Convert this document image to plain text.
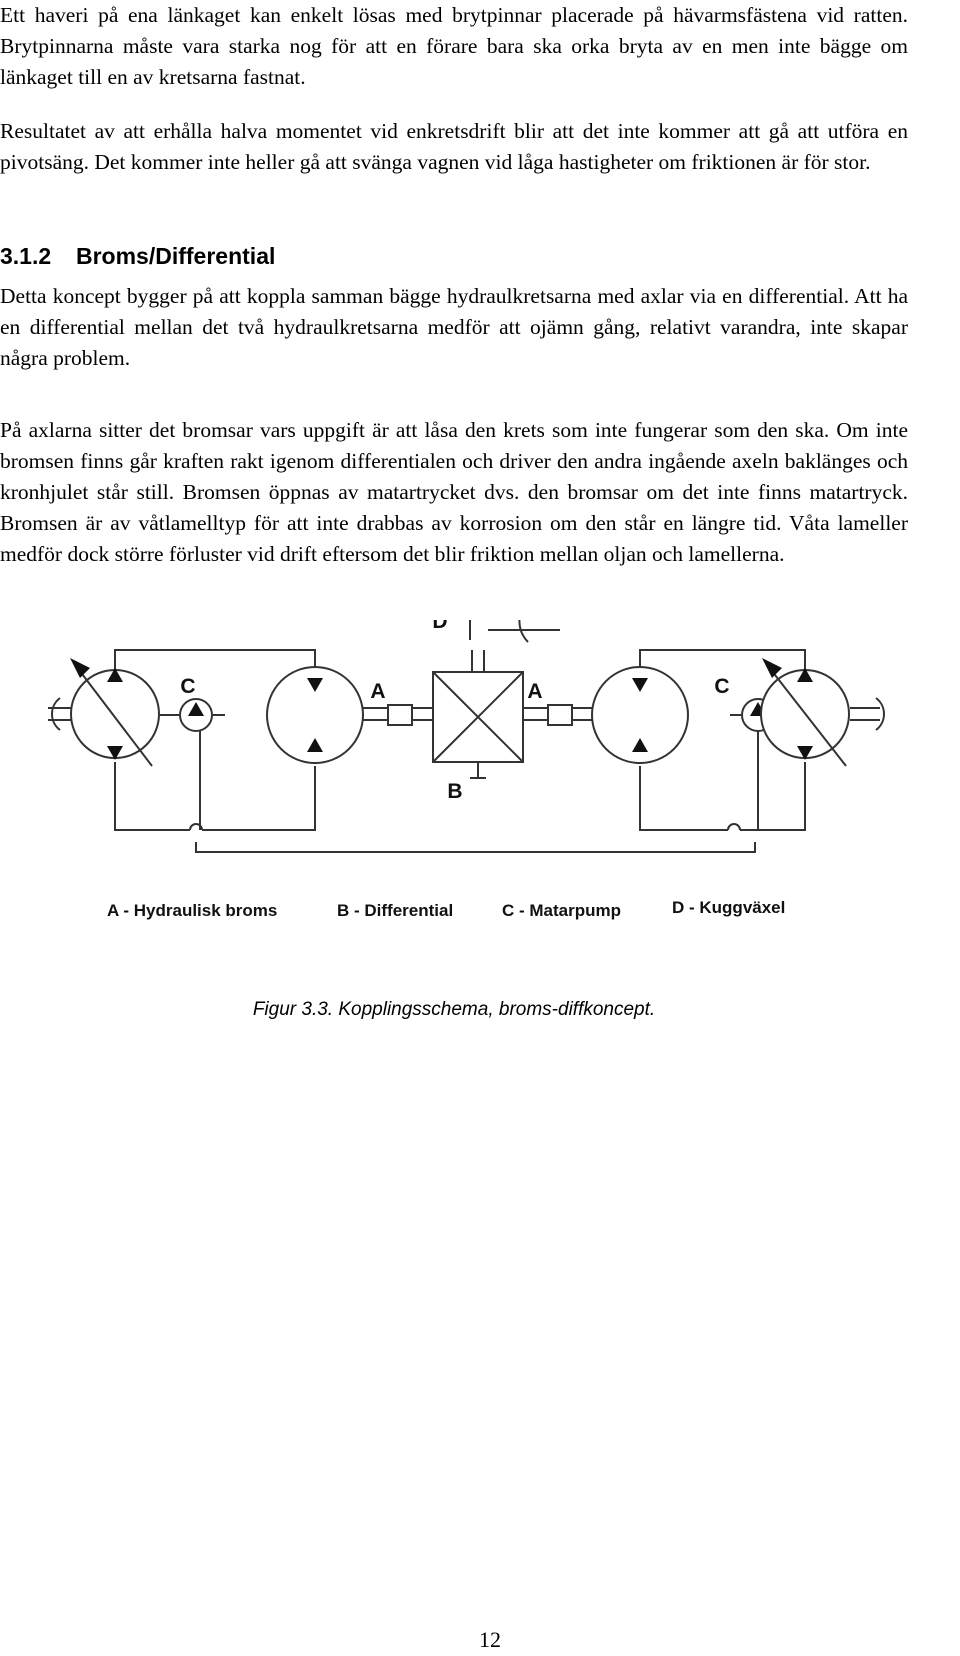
Ett haveri på ena länkaget kan enkelt lösas med brytpinnar placerade på hävarmsfästena vid ratten. Brytpinnarna måste vara starka nog för att en förare bara ska orka bryta av en men inte bägge om länkaget till en av kretsarna fastnat.

Resultatet av att erhålla halva momentet vid enkretsdrift blir att det inte kommer att gå att utföra en pivotsäng. Det kommer inte heller gå att svänga vagnen vid låga hastigheter om friktionen är för stor.

3.1.2 Broms/Differential

Detta koncept bygger på att koppla samman bägge hydraulkretsarna med axlar via en differential. Att ha en differential mellan det två hydraulkretsarna medför att ojämn gång, relativt varandra, inte skapar några problem.

På axlarna sitter det bromsar vars uppgift är att låsa den krets som inte fungerar som den ska. Om inte bromsen finns går kraften rakt igenom differentialen och driver den andra ingående axeln baklänges och kronhjulet står still. Bromsen öppnas av matartrycket dvs. den bromsar om det inte finns matartryck. Bromsen är av våtlamelltyp för att inte drabbas av korrosion om den står en längre tid. Våta lameller medför dock större förluster vid drift eftersom det blir friktion mellan oljan och lamellerna.

C	A
D
A	C
B
A - Hydraulisk broms	B - Differential	C - Matarpump	D - Kuggväxel

Figur 3.3. Kopplingsschema, broms-diffkoncept.

12
